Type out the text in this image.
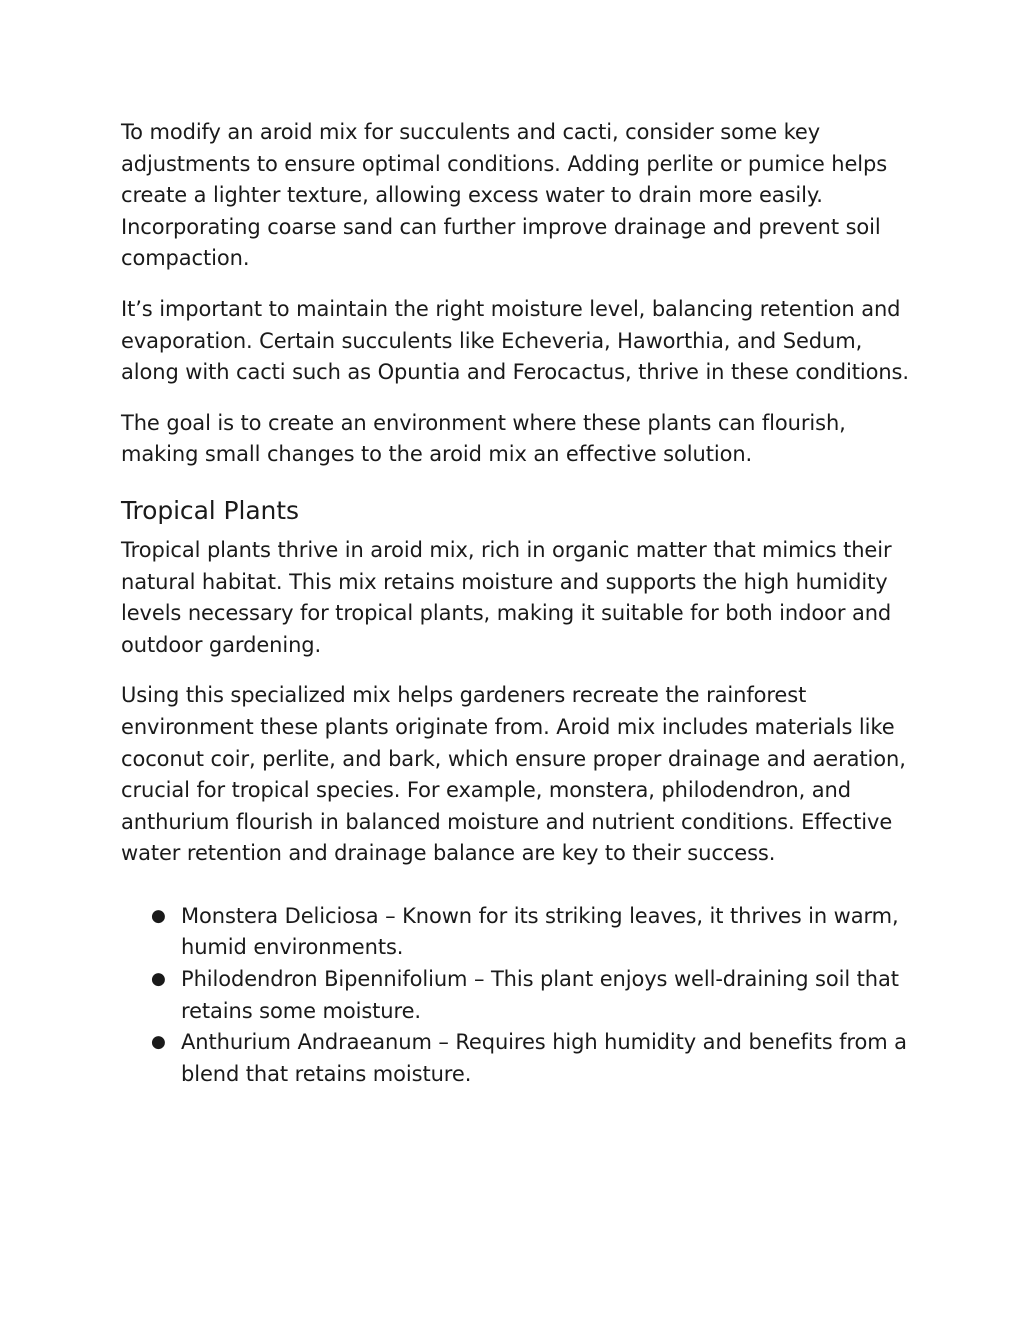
To modify an aroid mix for succulents and cacti, consider some key adjustments to ensure optimal conditions. Adding perlite or pumice helps create a lighter texture, allowing excess water to drain more easily. Incorporating coarse sand can further improve drainage and prevent soil compaction.

It’s important to maintain the right moisture level, balancing retention and evaporation. Certain succulents like Echeveria, Haworthia, and Sedum, along with cacti such as Opuntia and Ferocactus, thrive in these conditions.

The goal is to create an environment where these plants can flourish, making small changes to the aroid mix an effective solution.

Tropical Plants

Tropical plants thrive in aroid mix, rich in organic matter that mimics their natural habitat. This mix retains moisture and supports the high humidity levels necessary for tropical plants, making it suitable for both indoor and outdoor gardening.

Using this specialized mix helps gardeners recreate the rainforest environment these plants originate from. Aroid mix includes materials like coconut coir, perlite, and bark, which ensure proper drainage and aeration, crucial for tropical species. For example, monstera, philodendron, and anthurium flourish in balanced moisture and nutrient conditions. Effective water retention and drainage balance are key to their success.

● Monstera Deliciosa – Known for its striking leaves, it thrives in warm, humid environments.
● Philodendron Bipennifolium – This plant enjoys well-draining soil that retains some moisture.
● Anthurium Andraeanum – Requires high humidity and benefits from a blend that retains moisture.
